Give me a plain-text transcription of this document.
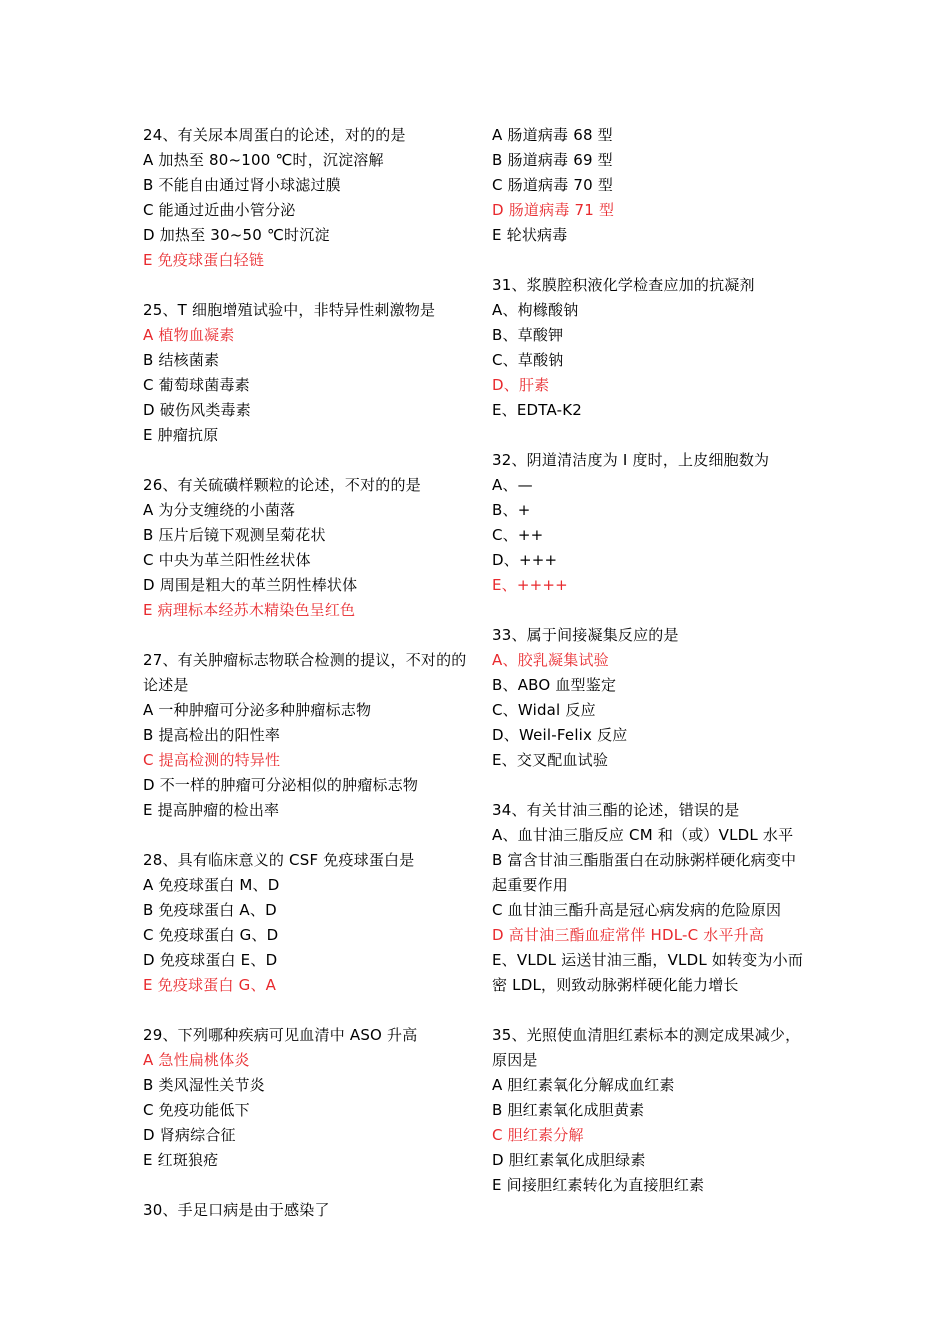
24、有关尿本周蛋白的论述，对的的是
A 加热至 80~100 ℃时，沉淀溶解
B 不能自由通过肾小球滤过膜
C 能通过近曲小管分泌
D 加热至 30~50 ℃时沉淀
E 免疫球蛋白轻链
25、T 细胞增殖试验中，非特异性刺激物是
A 植物血凝素
B 结核菌素
C 葡萄球菌毒素
D 破伤风类毒素
E 肿瘤抗原
26、有关硫磺样颗粒的论述，不对的的是
A 为分支缠绕的小菌落
B 压片后镜下观测呈菊花状
C 中央为革兰阳性丝状体
D 周围是粗大的革兰阴性棒状体
E 病理标本经苏木精染色呈红色
27、有关肿瘤标志物联合检测的提议，不对的的论述是
A 一种肿瘤可分泌多种肿瘤标志物
B 提高检出的阳性率
C 提高检测的特异性
D 不一样的肿瘤可分泌相似的肿瘤标志物
E 提高肿瘤的检出率
28、具有临床意义的 CSF 免疫球蛋白是
A 免疫球蛋白 M、D
B 免疫球蛋白 A、D
C 免疫球蛋白 G、D
D 免疫球蛋白 E、D
E 免疫球蛋白 G、A
29、下列哪种疾病可见血清中 ASO 升高
A 急性扁桃体炎
B 类风湿性关节炎
C 免疫功能低下
D 肾病综合征
E 红斑狼疮
30、手足口病是由于感染了
A 肠道病毒 68 型
B 肠道病毒 69 型
C 肠道病毒 70 型
D 肠道病毒 71 型
E 轮状病毒
31、浆膜腔积液化学检查应加的抗凝剂
A、枸橼酸钠
B、草酸钾
C、草酸钠
D、肝素
E、EDTA-K2
32、阴道清洁度为 I 度时，上皮细胞数为
A、—
B、+
C、++
D、+++
E、++++
33、属于间接凝集反应的是
A、胶乳凝集试验
B、ABO 血型鉴定
C、Widal 反应
D、Weil-Felix 反应
E、交叉配血试验
34、有关甘油三酯的论述，错误的是
A、血甘油三脂反应 CM 和（或）VLDL 水平
B 富含甘油三酯脂蛋白在动脉粥样硬化病变中起重要作用
C 血甘油三酯升高是冠心病发病的危险原因
D 高甘油三酯血症常伴 HDL-C 水平升高
E、VLDL 运送甘油三酯，VLDL 如转变为小而密 LDL，则致动脉粥样硬化能力增长
35、光照使血清胆红素标本的测定成果减少，原因是
A 胆红素氧化分解成血红素
B 胆红素氧化成胆黄素
C 胆红素分解
D 胆红素氧化成胆绿素
E 间接胆红素转化为直接胆红素
